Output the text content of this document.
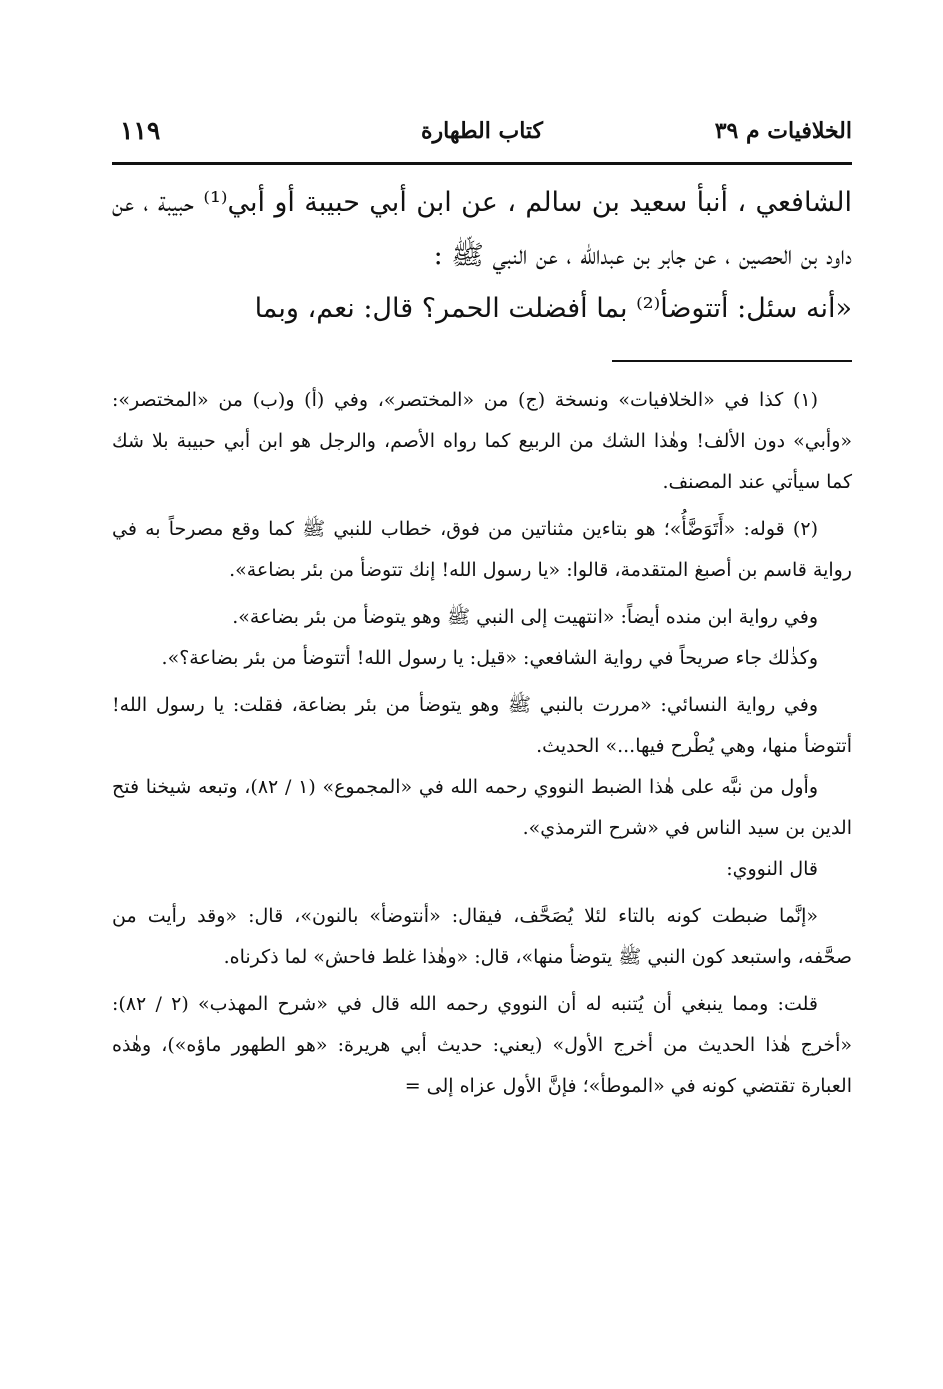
الخلافيات م ٣٩
كتاب الطهارة
١١٩

الشافعي ، أنبأ سعيد بن سالم ، عن ابن أبي حبيبة أو أبي⁽¹⁾ حبيبة ، عن داود بن الحصين ، عن جابر بن عبدالله ، عن النبي ﷺ :

«أنه سئل: أتتوضأ⁽²⁾ بما أفضلت الحمر؟ قال: نعم، وبما

(١) كذا في «الخلافيات» ونسخة (ج) من «المختصر»، وفي (أ) و(ب) من «المختصر»: «وأبي» دون الألف! وهٰذا الشك من الربيع كما رواه الأصم، والرجل هو ابن أبي حبيبة بلا شك كما سيأتي عند المصنف.

(٢) قوله: «أَتَوَضَّأُ»؛ هو بتاءين مثناتين من فوق، خطاب للنبي ﷺ كما وقع مصرحاً به في رواية قاسم بن أصبغ المتقدمة، قالوا: «يا رسول الله! إنك تتوضأ من بئر بضاعة».

وفي رواية ابن منده أيضاً: «انتهيت إلى النبي ﷺ وهو يتوضأ من بئر بضاعة».

وكذٰلك جاء صريحاً في رواية الشافعي: «قيل: يا رسول الله! أتتوضأ من بئر بضاعة؟».

وفي رواية النسائي: «مررت بالنبي ﷺ وهو يتوضأ من بئر بضاعة، فقلت: يا رسول الله! أتتوضأ منها، وهي يُطْرح فيها...» الحديث.

وأول من نبَّه على هٰذا الضبط النووي رحمه الله في «المجموع» (١ / ٨٢)، وتبعه شيخنا فتح الدين بن سيد الناس في «شرح الترمذي».

قال النووي:

«إنَّما ضبطت كونه بالتاء لئلا يُصَحَّف، فيقال: «أنتوضأ» بالنون»، قال: «وقد رأيت من صحَّفه، واستبعد كون النبي ﷺ يتوضأ منها»، قال: «وهٰذا غلط فاحش» لما ذكرناه.

قلت: ومما ينبغي أن يُتنبه له أن النووي رحمه الله قال في «شرح المهذب» (٢ / ٨٢): «أخرج هٰذا الحديث من أخرج الأول» (يعني: حديث أبي هريرة: «هو الطهور ماؤه»)، وهٰذه العبارة تقتضي كونه في «الموطأ»؛ فإنَّ الأول عزاه إلى =
